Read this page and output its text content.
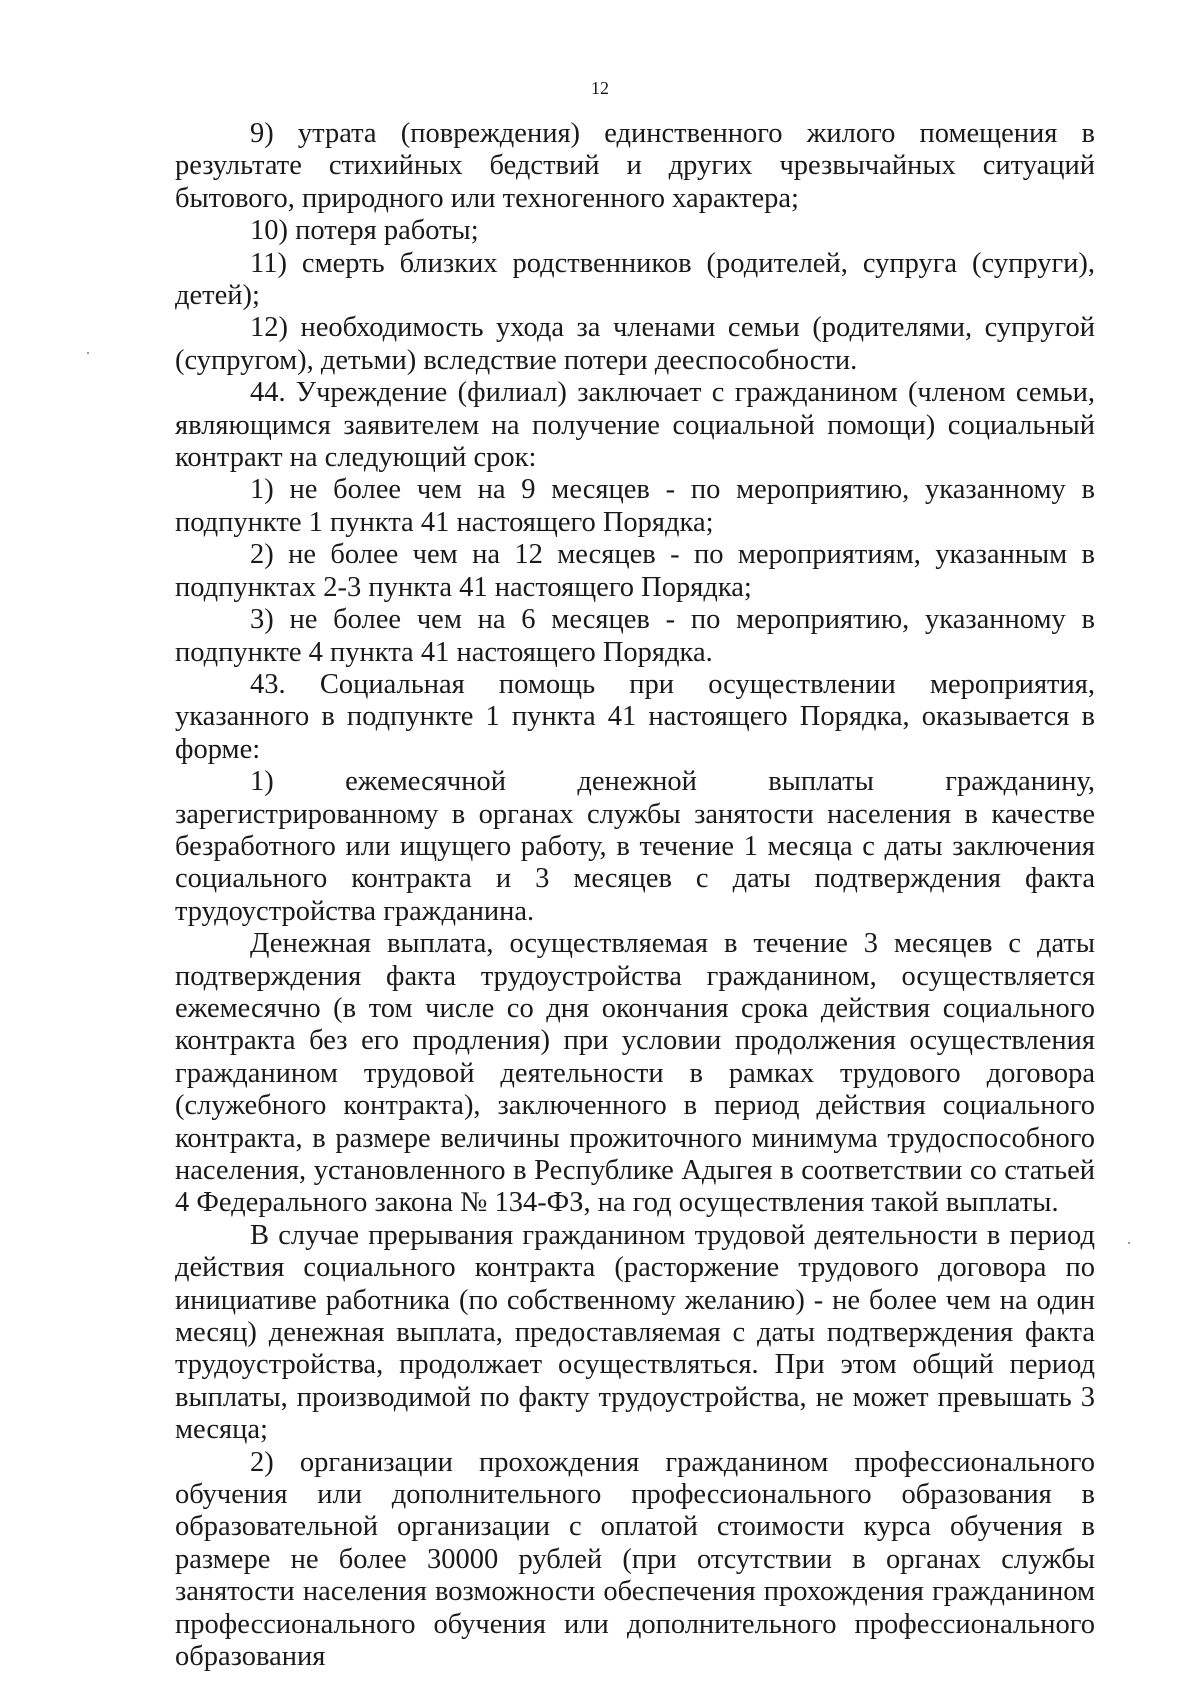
12

9) утрата (повреждения) единственного жилого помещения в результате стихийных бедствий и других чрезвычайных ситуаций бытового, природного или техногенного характера;

10) потеря работы;

11) смерть близких родственников (родителей, супруга (супруги), детей);

12) необходимость ухода за членами семьи (родителями, супругой (супругом), детьми) вследствие потери дееспособности.

44. Учреждение (филиал) заключает с гражданином (членом семьи, являющимся заявителем на получение социальной помощи) социальный контракт на следующий срок:

1) не более чем на 9 месяцев - по мероприятию, указанному в подпункте 1 пункта 41 настоящего Порядка;

2) не более чем на 12 месяцев - по мероприятиям, указанным в подпунктах 2-3 пункта 41 настоящего Порядка;

3) не более чем на 6 месяцев - по мероприятию, указанному в подпункте 4 пункта 41 настоящего Порядка.

43. Социальная помощь при осуществлении мероприятия, указанного в подпункте 1 пункта 41 настоящего Порядка, оказывается в форме:

1) ежемесячной денежной выплаты гражданину, зарегистрированному в органах службы занятости населения в качестве безработного или ищущего работу, в течение 1 месяца с даты заключения социального контракта и 3 месяцев с даты подтверждения факта трудоустройства гражданина.

Денежная выплата, осуществляемая в течение 3 месяцев с даты подтверждения факта трудоустройства гражданином, осуществляется ежемесячно (в том числе со дня окончания срока действия социального контракта без его продления) при условии продолжения осуществления гражданином трудовой деятельности в рамках трудового договора (служебного контракта), заключенного в период действия социального контракта, в размере величины прожиточного минимума трудоспособного населения, установленного в Республике Адыгея в соответствии со статьей 4 Федерального закона № 134-ФЗ, на год осуществления такой выплаты.

В случае прерывания гражданином трудовой деятельности в период действия социального контракта (расторжение трудового договора по инициативе работника (по собственному желанию) - не более чем на один месяц) денежная выплата, предоставляемая с даты подтверждения факта трудоустройства, продолжает осуществляться. При этом общий период выплаты, производимой по факту трудоустройства, не может превышать 3 месяца;

2) организации прохождения гражданином профессионального обучения или дополнительного профессионального образования в образовательной организации с оплатой стоимости курса обучения в размере не более 30000 рублей (при отсутствии в органах службы занятости населения возможности обеспечения прохождения гражданином профессионального обучения или дополнительного профессионального образования
